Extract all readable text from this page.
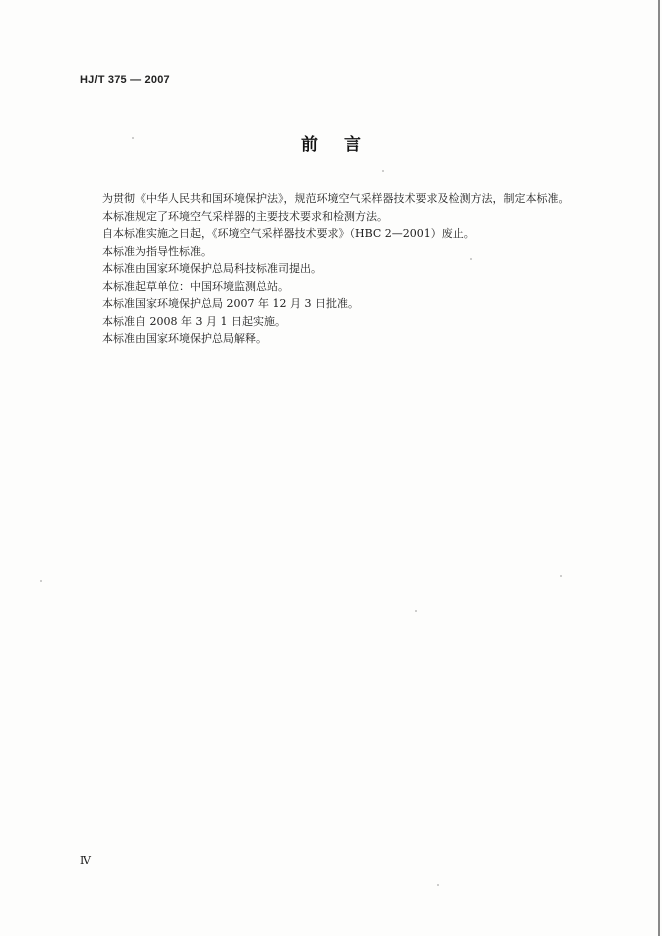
HJ/T 375 — 2007
前言

为贯彻《中华人民共和国环境保护法》，规范环境空气采样器技术要求及检测方法，制定本标准。

本标准规定了环境空气采样器的主要技术要求和检测方法。

自本标准实施之日起，《环境空气采样器技术要求》（HBC 2—2001）废止。

本标准为指导性标准。

本标准由国家环境保护总局科技标准司提出。

本标准起草单位：中国环境监测总站。

本标准国家环境保护总局 2007 年 12 月 3 日批准。

本标准自 2008 年 3 月 1 日起实施。

本标准由国家环境保护总局解释。

Ⅳ
